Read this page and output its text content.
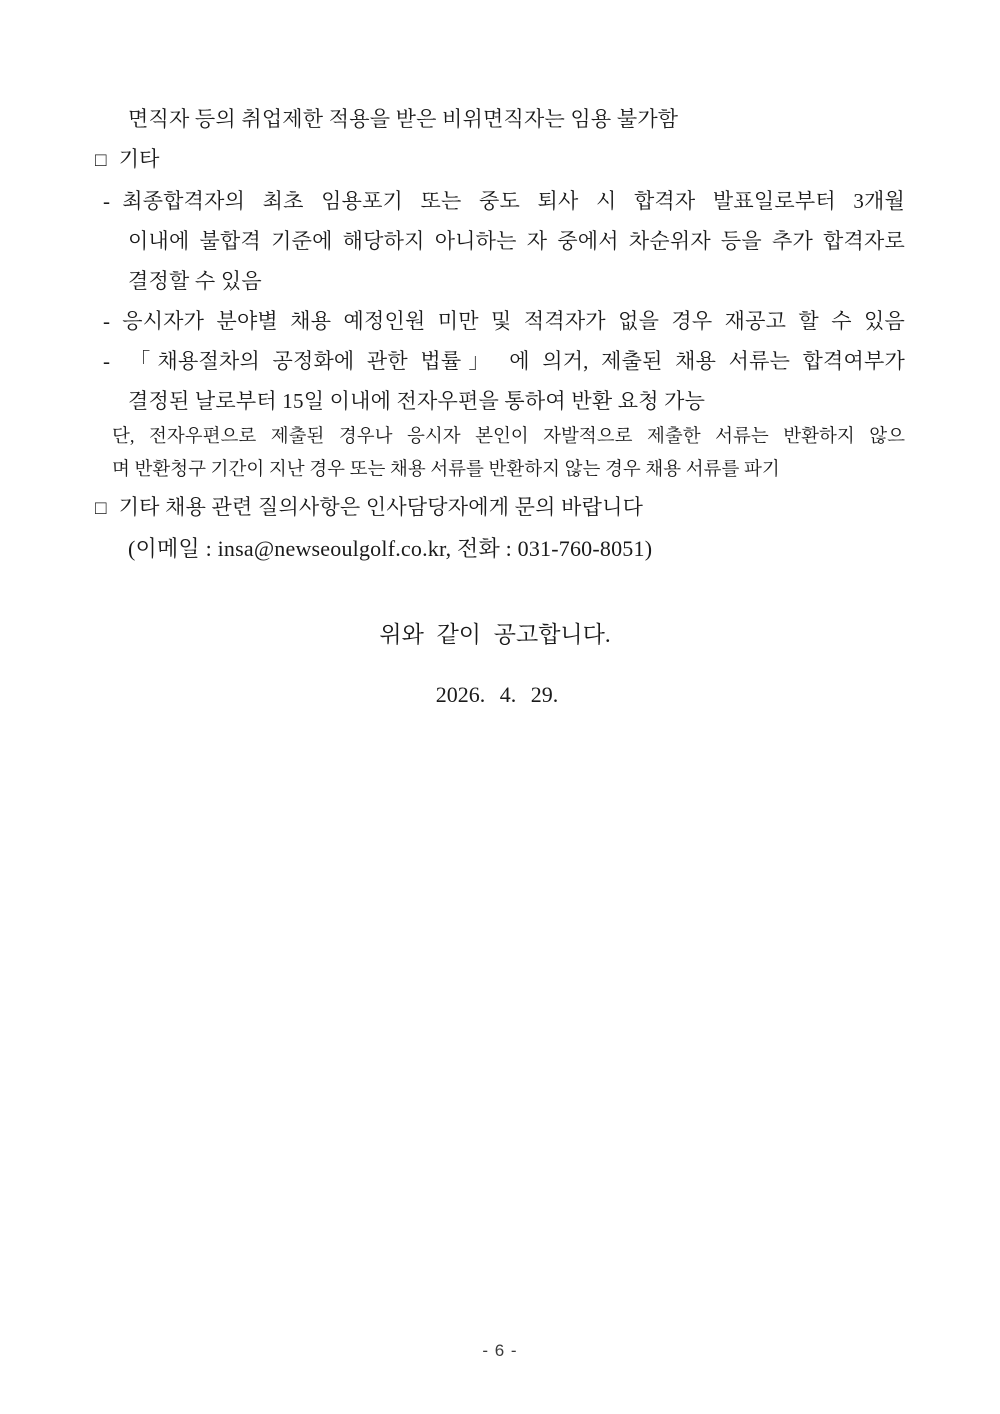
면직자 등의 취업제한 적용을 받은 비위면직자는 임용 불가함

□ 기타

- 최종합격자의 최초 임용포기 또는 중도 퇴사 시 합격자 발표일로부터 3개월

이내에 불합격 기준에 해당하지 아니하는 자 중에서 차순위자 등을 추가 합격자로

결정할 수 있음

- 응시자가 분야별 채용 예정인원 미만 및 적격자가 없을 경우 재공고 할 수 있음

- 「채용절차의 공정화에 관한 법률」 에 의거, 제출된 채용 서류는 합격여부가

결정된 날로부터 15일 이내에 전자우편을 통하여 반환 요청 가능

단, 전자우편으로 제출된 경우나 응시자 본인이 자발적으로 제출한 서류는 반환하지 않으

며 반환청구 기간이 지난 경우 또는 채용 서류를 반환하지 않는 경우 채용 서류를 파기

□ 기타 채용 관련 질의사항은 인사담당자에게 문의 바랍니다

(이메일 : insa@newseoulgolf.co.kr, 전화 : 031-760-8051)

위와 같이 공고합니다.

2026. 4. 29.

- 6 -
